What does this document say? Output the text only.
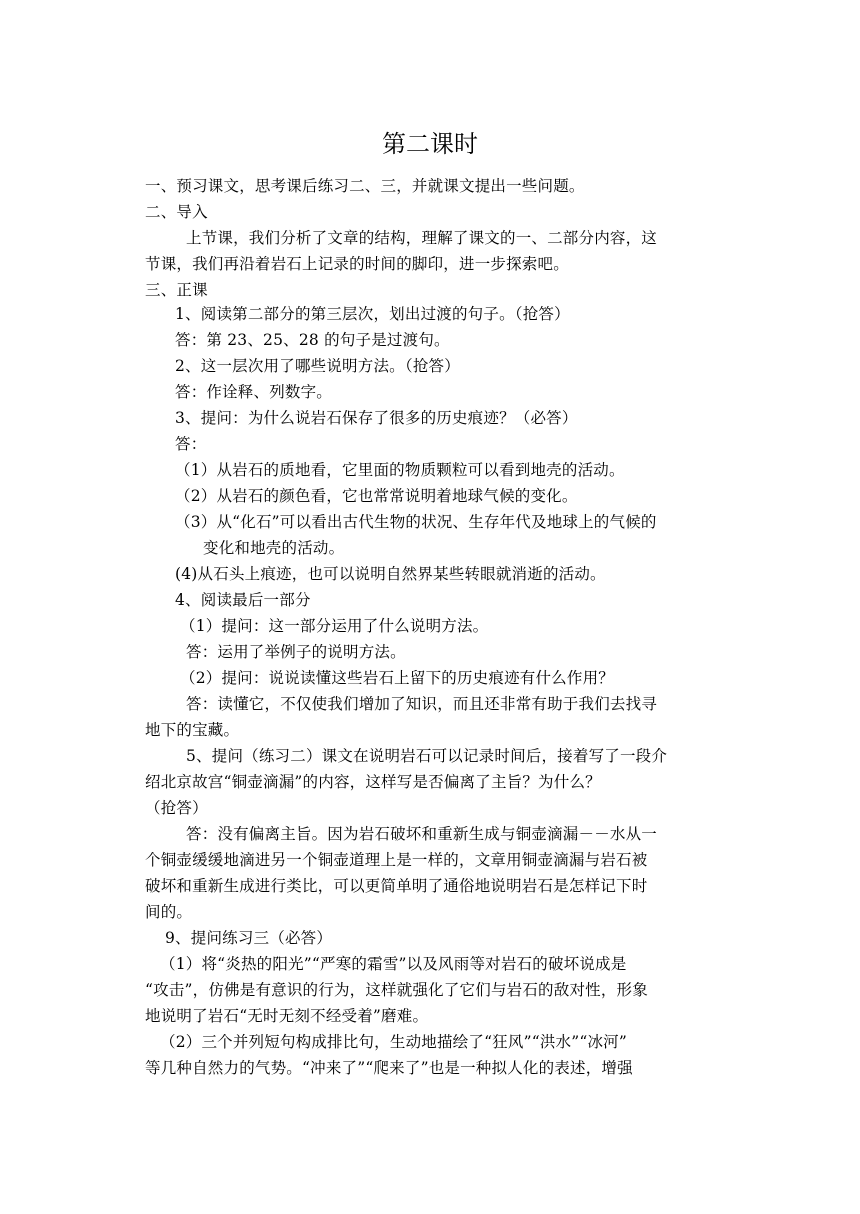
第二课时
一、预习课文，思考课后练习二、三，并就课文提出一些问题。
二、导入
上节课，我们分析了文章的结构，理解了课文的一、二部分内容，这
节课，我们再沿着岩石上记录的时间的脚印，进一步探索吧。
三、正课
1、阅读第二部分的第三层次，划出过渡的句子。（抢答）
答：第 23、25、28 的句子是过渡句。
2、这一层次用了哪些说明方法。（抢答）
答：作诠释、列数字。
3、提问：为什么说岩石保存了很多的历史痕迹？（必答）
答：
（1）从岩石的质地看，它里面的物质颗粒可以看到地壳的活动。
（2）从岩石的颜色看，它也常常说明着地球气候的变化。
（3）从“化石”可以看出古代生物的状况、生存年代及地球上的气候的
变化和地壳的活动。
(4)从石头上痕迹，也可以说明自然界某些转眼就消逝的活动。
4、阅读最后一部分
（1）提问：这一部分运用了什么说明方法。
答：运用了举例子的说明方法。
（2）提问：说说读懂这些岩石上留下的历史痕迹有什么作用？
答：读懂它，不仅使我们增加了知识，而且还非常有助于我们去找寻
地下的宝藏。
5、提问（练习二）课文在说明岩石可以记录时间后，接着写了一段介
绍北京故宫“铜壶滴漏”的内容，这样写是否偏离了主旨？为什么？
（抢答）
答：没有偏离主旨。因为岩石破坏和重新生成与铜壶滴漏－－水从一
个铜壶缓缓地滴进另一个铜壶道理上是一样的，文章用铜壶滴漏与岩石被
破坏和重新生成进行类比，可以更简单明了通俗地说明岩石是怎样记下时
间的。
9、提问练习三（必答）
（1）将“炎热的阳光”“严寒的霜雪”以及风雨等对岩石的破坏说成是
“攻击”，仿佛是有意识的行为，这样就强化了它们与岩石的敌对性，形象
地说明了岩石“无时无刻不经受着”磨难。
（2）三个并列短句构成排比句，生动地描绘了“狂风”“洪水”“冰河”
等几种自然力的气势。“冲来了”“爬来了”也是一种拟人化的表述，增强
